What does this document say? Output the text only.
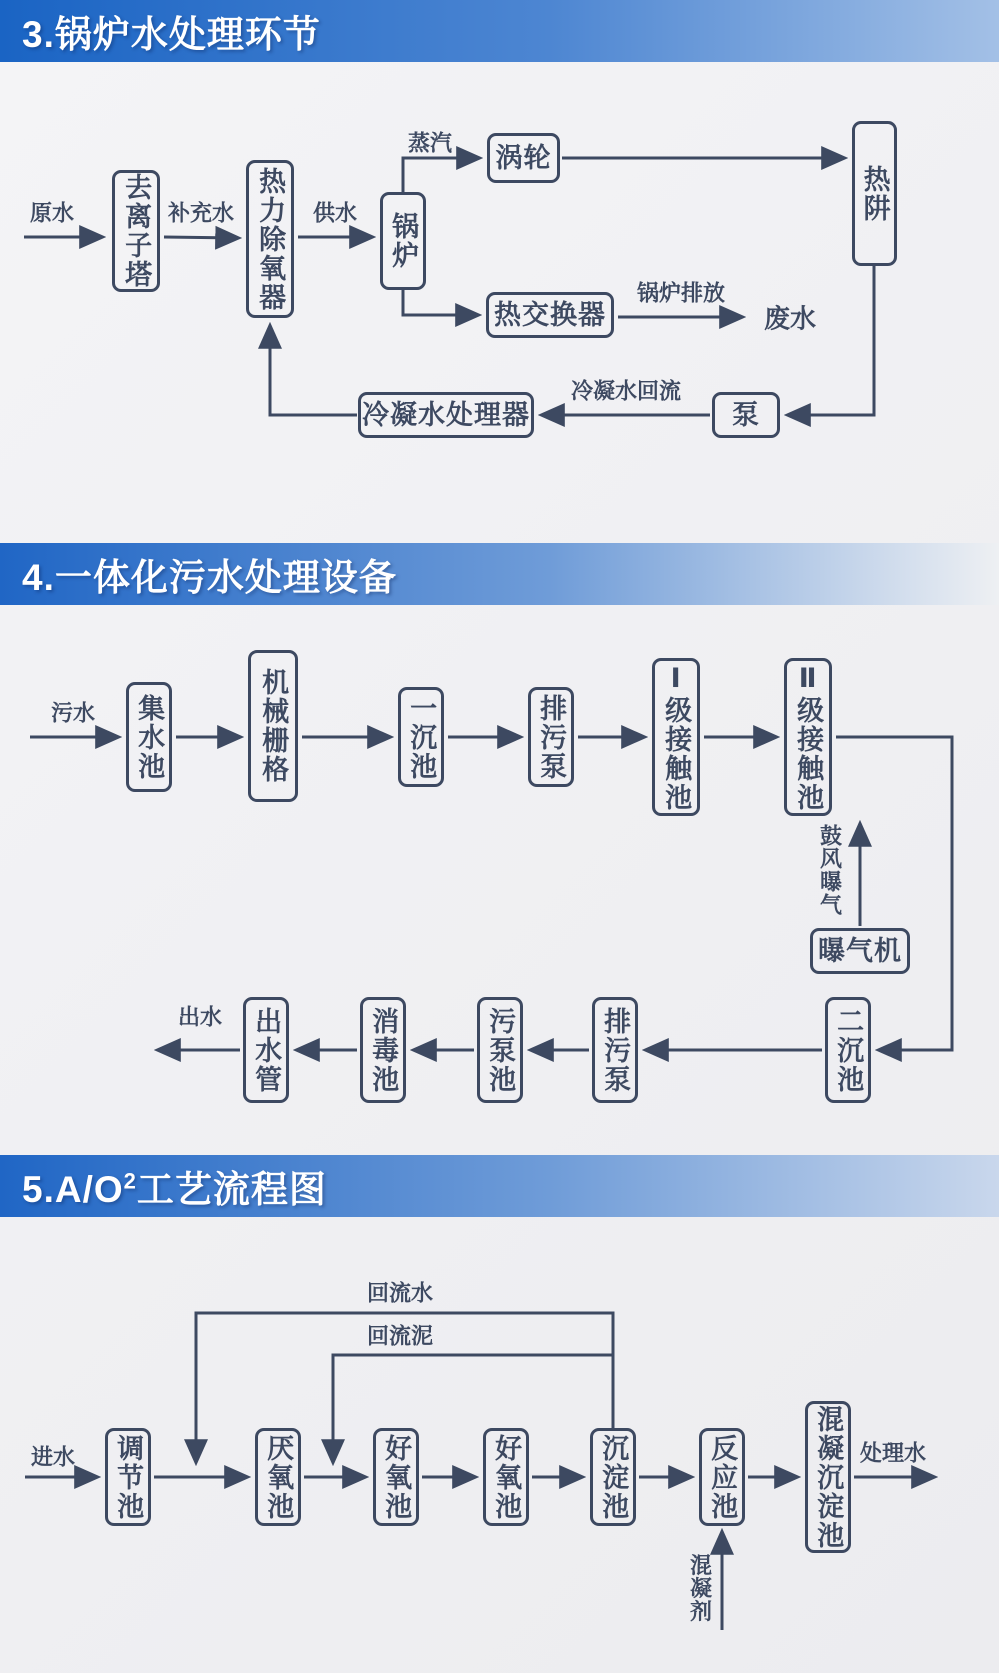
3.锅炉水处理环节
4.一体化污水处理设备
$5.A/O^2$工艺流程图
去离子塔	热力除氧器	锅炉
涡轮
热阱
热交换器
泵
冷凝水处理器
原水	补充水	供水
蒸汽
锅炉排放
废水
冷凝水回流
集水池	机械栅格	一沉池	排污泵	Ⅰ级接触池	Ⅱ级接触池
曝气机
二沉池
排污泵
污泵池
消毒池
出水管
污水
鼓风曝气
出水
调节池	厌氧池	好氧池	好氧池	沉淀池	反应池	混凝沉淀池
进水
回流水
回流泥
处理水
混凝剂
